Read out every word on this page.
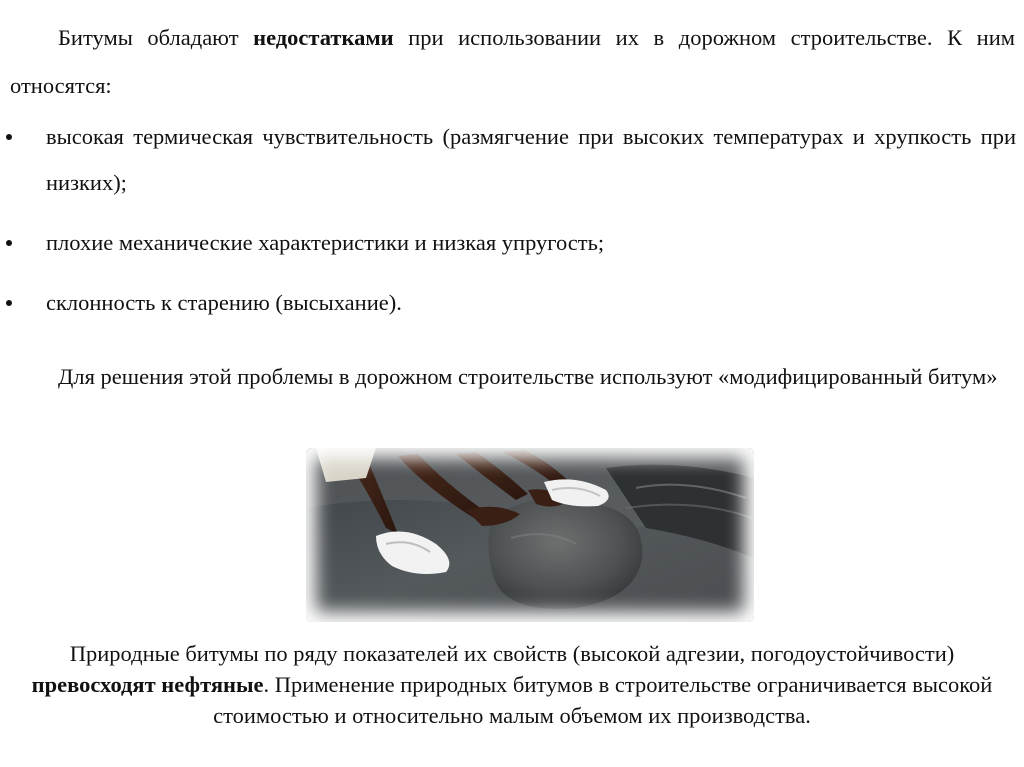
Битумы обладают недостатками при использовании их в дорожном строительстве. К ним относятся:

высокая термическая чувствительность (размягчение при высоких температурах и хрупкость при низких);
плохие механические характеристики и низкая упругость;
склонность к старению (высыхание).

Для решения этой проблемы в дорожном строительстве используют «модифицированный битум»

Природные битумы по ряду показателей их свойств (высокой адгезии, погодоустойчивости) превосходят нефтяные. Применение природных битумов в строительстве ограничивается высокой стоимостью и относительно малым объемом их производства.
